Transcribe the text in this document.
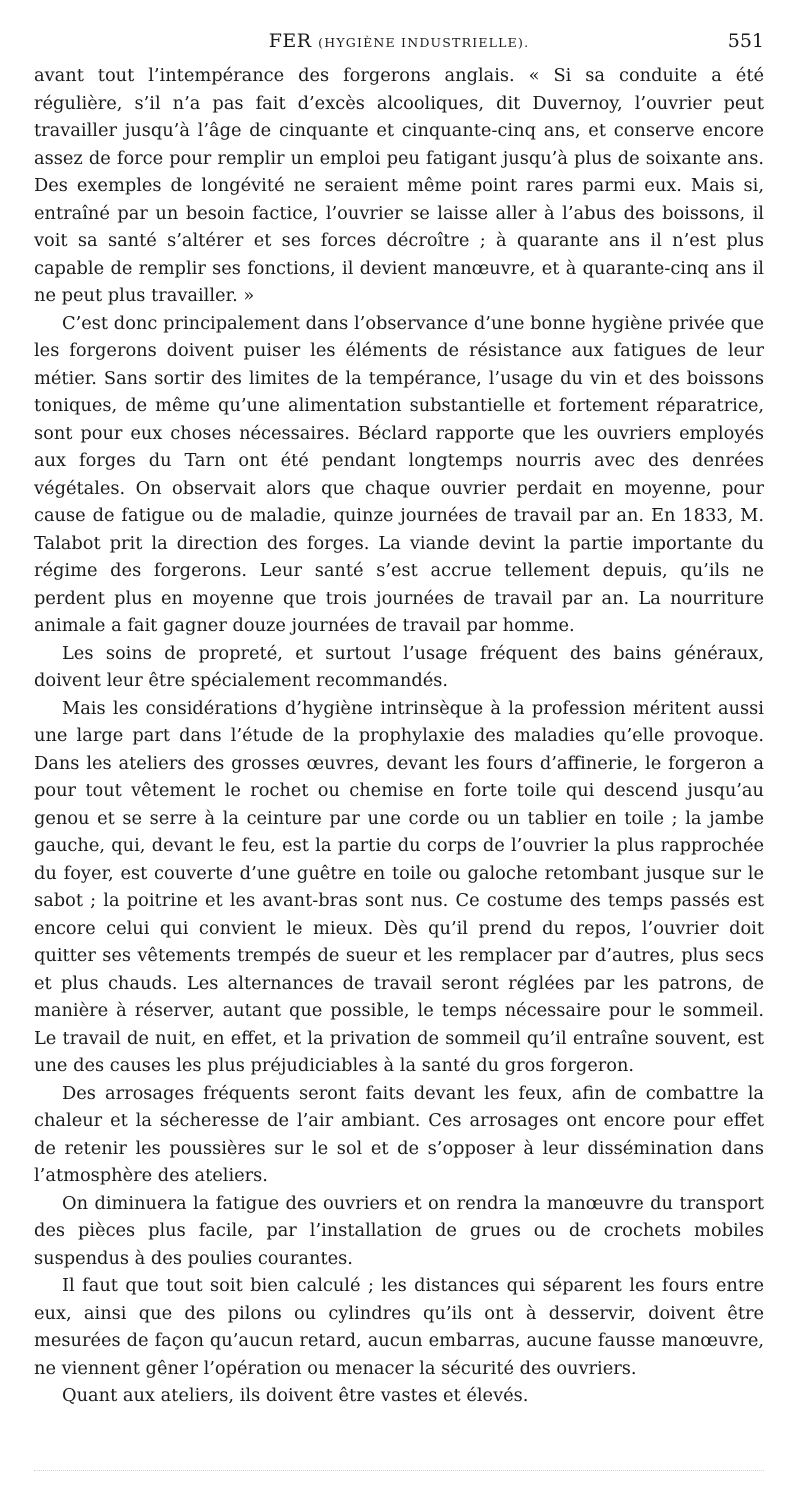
FER (HYGIÈNE INDUSTRIELLE).	551

avant tout l’intempérance des forgerons anglais. « Si sa conduite a été régulière, s’il n’a pas fait d’excès alcooliques, dit Duvernoy, l’ouvrier peut travailler jusqu’à l’âge de cinquante et cinquante-cinq ans, et conserve encore assez de force pour remplir un emploi peu fatigant jusqu’à plus de soixante ans. Des exemples de longévité ne seraient même point rares parmi eux. Mais si, entraîné par un besoin factice, l’ouvrier se laisse aller à l’abus des boissons, il voit sa santé s’altérer et ses forces décroître ; à quarante ans il n’est plus capable de remplir ses fonctions, il devient manœuvre, et à quarante-cinq ans il ne peut plus travailler. »

C’est donc principalement dans l’observance d’une bonne hygiène privée que les forgerons doivent puiser les éléments de résistance aux fatigues de leur métier. Sans sortir des limites de la tempérance, l’usage du vin et des boissons toniques, de même qu’une alimentation substantielle et fortement réparatrice, sont pour eux choses nécessaires. Béclard rapporte que les ouvriers employés aux forges du Tarn ont été pendant longtemps nourris avec des denrées végétales. On observait alors que chaque ouvrier perdait en moyenne, pour cause de fatigue ou de maladie, quinze journées de travail par an. En 1833, M. Talabot prit la direction des forges. La viande devint la partie importante du régime des forgerons. Leur santé s’est accrue tellement depuis, qu’ils ne perdent plus en moyenne que trois journées de travail par an. La nourriture animale a fait gagner douze journées de travail par homme.

Les soins de propreté, et surtout l’usage fréquent des bains généraux, doivent leur être spécialement recommandés.

Mais les considérations d’hygiène intrinsèque à la profession méritent aussi une large part dans l’étude de la prophylaxie des maladies qu’elle provoque. Dans les ateliers des grosses œuvres, devant les fours d’affinerie, le forgeron a pour tout vêtement le rochet ou chemise en forte toile qui descend jusqu’au genou et se serre à la ceinture par une corde ou un tablier en toile ; la jambe gauche, qui, devant le feu, est la partie du corps de l’ouvrier la plus rapprochée du foyer, est couverte d’une guêtre en toile ou galoche retombant jusque sur le sabot ; la poitrine et les avant-bras sont nus. Ce costume des temps passés est encore celui qui convient le mieux. Dès qu’il prend du repos, l’ouvrier doit quitter ses vêtements trempés de sueur et les remplacer par d’autres, plus secs et plus chauds. Les alternances de travail seront réglées par les patrons, de manière à réserver, autant que possible, le temps nécessaire pour le sommeil. Le travail de nuit, en effet, et la privation de sommeil qu’il entraîne souvent, est une des causes les plus préjudiciables à la santé du gros forgeron.

Des arrosages fréquents seront faits devant les feux, afin de combattre la chaleur et la sécheresse de l’air ambiant. Ces arrosages ont encore pour effet de retenir les poussières sur le sol et de s’opposer à leur dissémination dans l’atmosphère des ateliers.

On diminuera la fatigue des ouvriers et on rendra la manœuvre du transport des pièces plus facile, par l’installation de grues ou de crochets mobiles suspendus à des poulies courantes.

Il faut que tout soit bien calculé ; les distances qui séparent les fours entre eux, ainsi que des pilons ou cylindres qu’ils ont à desservir, doivent être mesurées de façon qu’aucun retard, aucun embarras, aucune fausse manœuvre, ne viennent gêner l’opération ou menacer la sécurité des ouvriers.

Quant aux ateliers, ils doivent être vastes et élevés.
